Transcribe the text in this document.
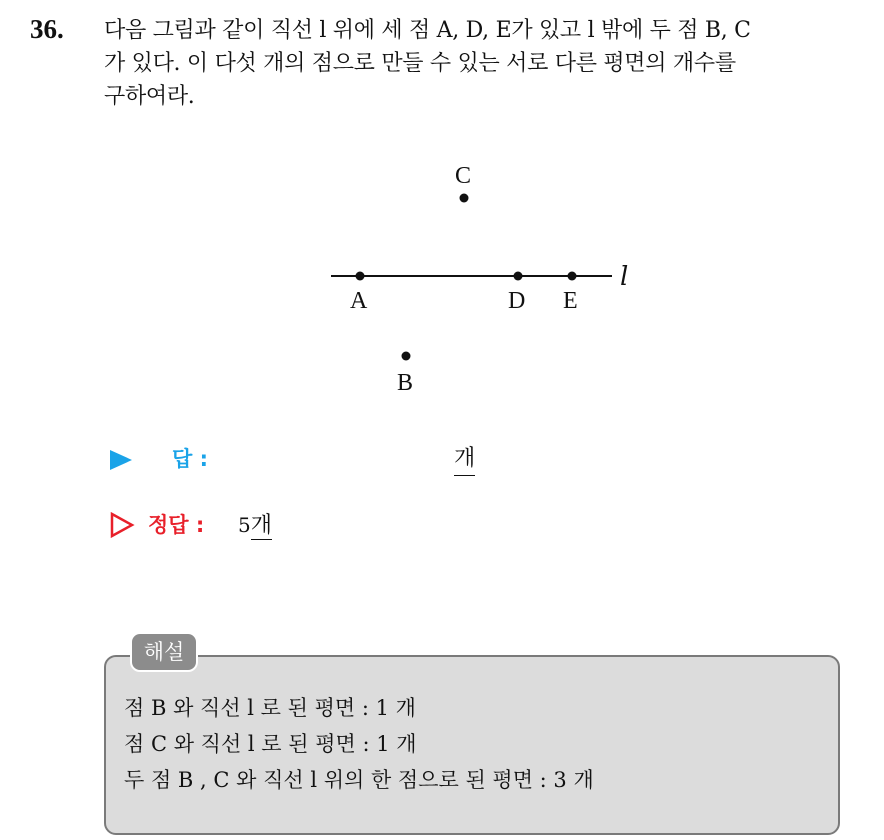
36. 다음 그림과 같이 직선 l 위에 세 점 A, D, E가 있고 l 밖에 두 점 B, C
가 있다. 이 다섯 개의 점으로 만들 수 있는 서로 다른 평면의 개수를
구하여라.
l
C
A	D E
B
답 :	개
정답 : 5개
해설
점 B 와 직선 l 로 된 평면 : 1 개
점 C 와 직선 l 로 된 평면 : 1 개
두 점 B , C 와 직선 l 위의 한 점으로 된 평면 : 3 개
